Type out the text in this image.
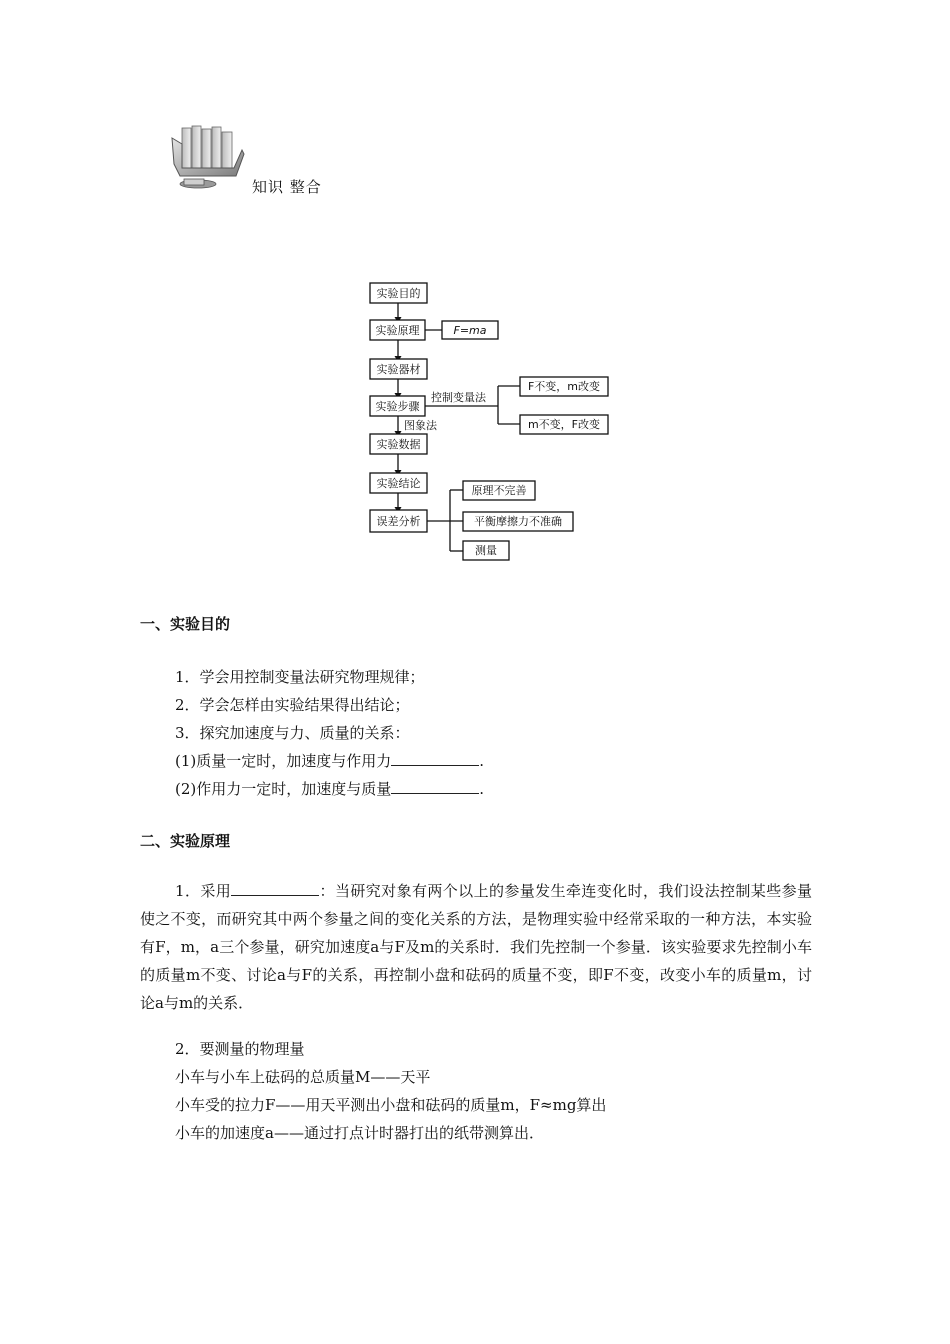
知识 整合
实验目的
实验原理
实验器材
实验步骤
实验数据
实验结论
误差分析
F=ma
控制变量法
F不变，m改变
m不变，F改变
图象法
原理不完善
平衡摩擦力不准确
测量
一、实验目的
1．学会用控制变量法研究物理规律；
2．学会怎样由实验结果得出结论；
3．探究加速度与力、质量的关系：
(1)质量一定时，加速度与作用力	.
(2)作用力一定时，加速度与质量	.
二、实验原理
1．采用	：当研究对象有两个以上的参量发生牵连变化时，我们设法控制某些参量使之不变，而研究其中两个参量之间的变化关系的方法，是物理实验中经常采取的一种方法，本实验有F，m，a三个参量，研究加速度a与F及m的关系时．我们先控制一个参量．该实验要求先控制小车的质量m不变、讨论a与F的关系，再控制小盘和砝码的质量不变，即F不变，改变小车的质量m，讨论a与m的关系．
2．要测量的物理量
小车与小车上砝码的总质量M——天平
小车受的拉力F——用天平测出小盘和砝码的质量m，F≈mg算出
小车的加速度a——通过打点计时器打出的纸带测算出．
